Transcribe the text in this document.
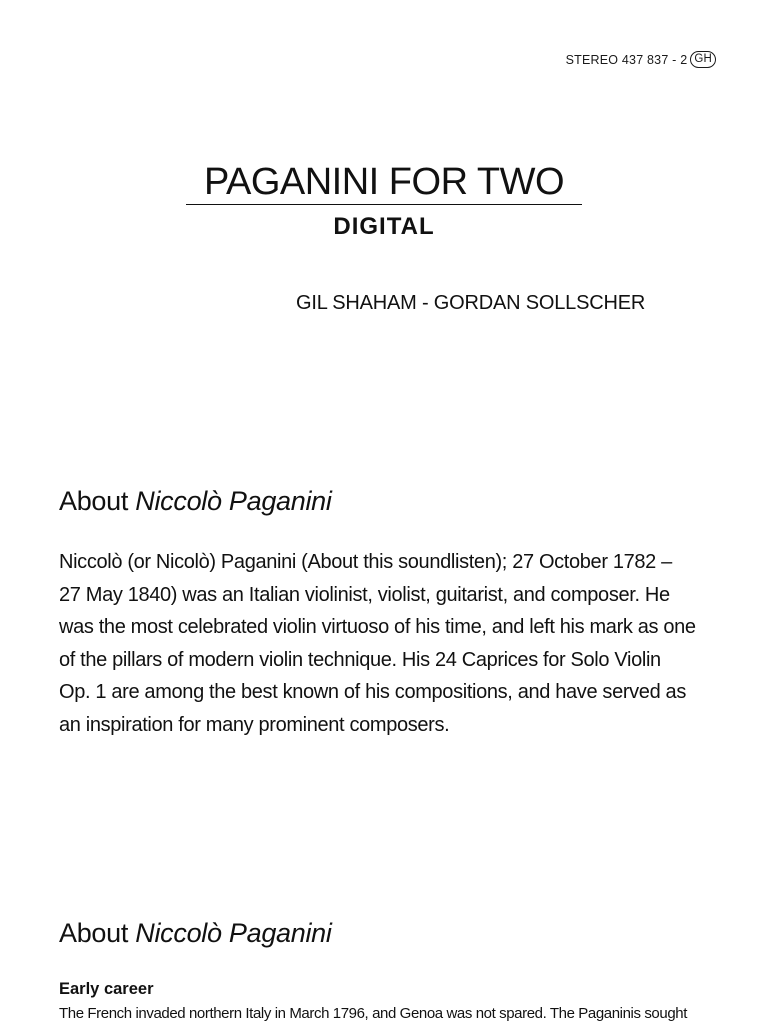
STEREO 437 837 - 2 GH
PAGANINI FOR TWO
DIGITAL
GIL SHAHAM - GORDAN SOLLSCHER
About Niccolò Paganini
Niccolò (or Nicolò) Paganini (About this soundlisten); 27 October 1782 –
27 May 1840) was an Italian violinist, violist, guitarist, and composer. He
was the most celebrated violin virtuoso of his time, and left his mark as one
of the pillars of modern violin technique. His 24 Caprices for Solo Violin
Op. 1 are among the best known of his compositions, and have served as
an inspiration for many prominent composers.
About Niccolò Paganini
Early career
The French invaded northern Italy in March 1796, and Genoa was not spared. The Paganinis sought
